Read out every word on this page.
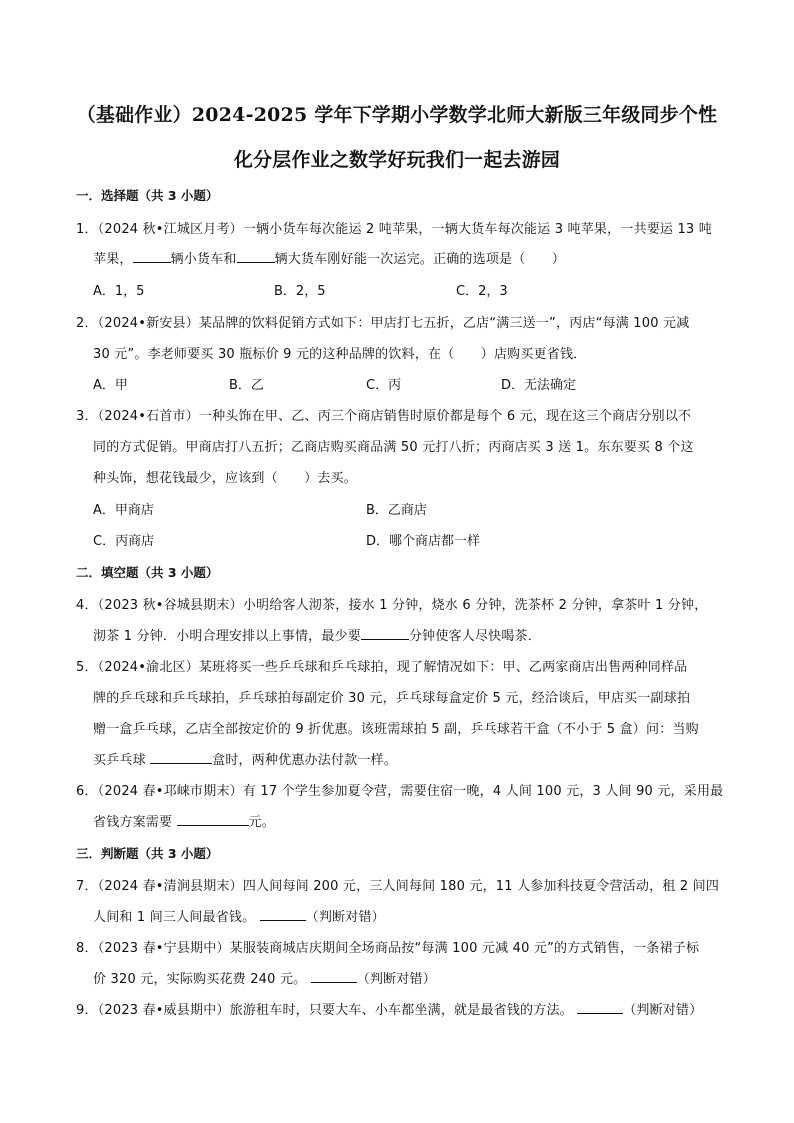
（基础作业）2024-2025 学年下学期小学数学北师大新版三年级同步个性
化分层作业之数学好玩我们一起去游园
一．选择题（共 3 小题）
1．（2024 秋•江城区月考）一辆小货车每次能运 2 吨苹果，一辆大货车每次能运 3 吨苹果，一共要运 13 吨
苹果，	辆小货车和	辆大货车刚好能一次运完。正确的选项是（　　）
A．1，5	B．2，5	C．2，3
2．（2024•新安县）某品牌的饮料促销方式如下：甲店打七五折，乙店“满三送一”，丙店“每满 100 元减
30 元”。李老师要买 30 瓶标价 9 元的这种品牌的饮料，在（　　）店购买更省钱．
A．甲	B．乙	C．丙	D．无法确定
3．（2024•石首市）一种头饰在甲、乙、丙三个商店销售时原价都是每个 6 元，现在这三个商店分别以不
同的方式促销。甲商店打八五折；乙商店购买商品满 50 元打八折；丙商店买 3 送 1。东东要买 8 个这
种头饰，想花钱最少，应该到（　　）去买。
A．甲商店	B．乙商店
C．丙商店	D．哪个商店都一样
二．填空题（共 3 小题）
4．（2023 秋•谷城县期末）小明给客人沏茶，接水 1 分钟，烧水 6 分钟，洗茶杯 2 分钟，拿茶叶 1 分钟，
沏茶 1 分钟．小明合理安排以上事情，最少要	分钟使客人尽快喝茶．
5．（2024•渝北区）某班将买一些乒乓球和乒乓球拍，现了解情况如下：甲、乙两家商店出售两种同样品
牌的乒乓球和乒乓球拍，乒乓球拍每副定价 30 元，乒乓球每盒定价 5 元，经洽谈后，甲店买一副球拍
赠一盒乒乓球，乙店全部按定价的 9 折优惠。该班需球拍 5 副，乒乓球若干盒（不小于 5 盒）问：当购
买乒乓球	盒时，两种优惠办法付款一样。
6．（2024 春•邛崃市期末）有 17 个学生参加夏令营，需要住宿一晚，4 人间 100 元，3 人间 90 元，采用最
省钱方案需要	元。
三．判断题（共 3 小题）
7．（2024 春•清涧县期末）四人间每间 200 元，三人间每间 180 元，11 人参加科技夏令营活动，租 2 间四
人间和 1 间三人间最省钱。	（判断对错）
8．（2023 春•宁县期中）某服装商城店庆期间全场商品按“每满 100 元减 40 元”的方式销售，一条裙子标
价 320 元，实际购买花费 240 元。	（判断对错）
9．（2023 春•威县期中）旅游租车时，只要大车、小车都坐满，就是最省钱的方法。	（判断对错）
